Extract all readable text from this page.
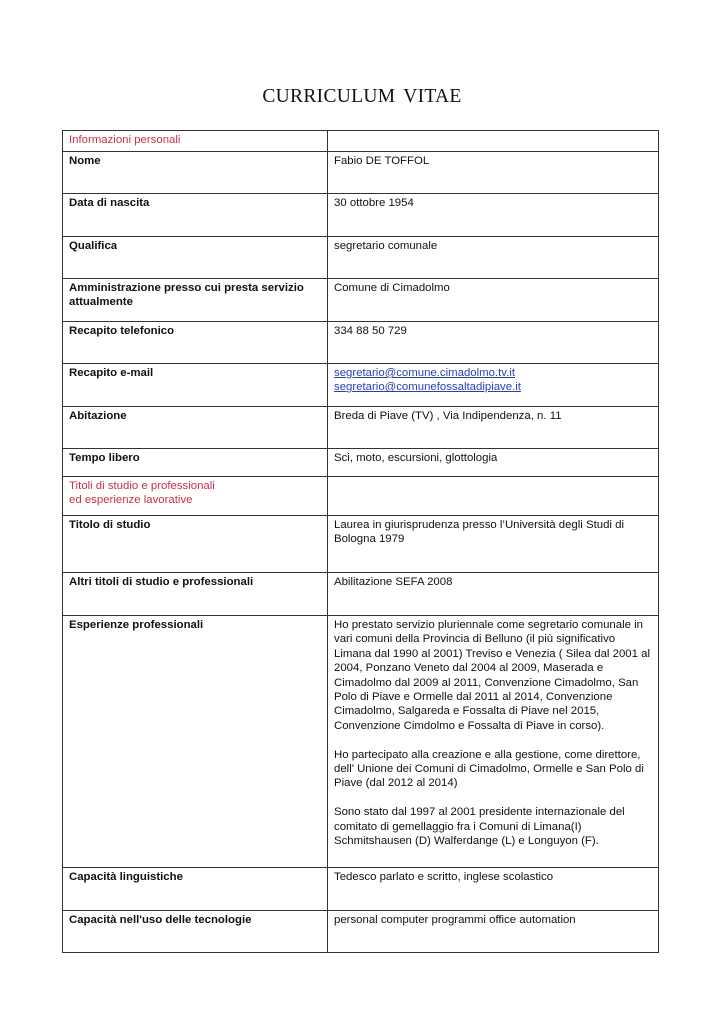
CURRICULUM VITAE
Informazioni personali	
Nome	Fabio DE TOFFOL
Data di nascita	30 ottobre 1954
Qualifica	segretario comunale
Amministrazione presso cui presta servizio attualmente	Comune di Cimadolmo
Recapito telefonico	334 88 50 729
Recapito e-mail	segretario@comune.cimadolmo.tv.it
segretario@comunefossaltadipiave.it

Abitazione	Breda di Piave (TV) , Via Indipendenza, n. 11
Tempo libero	Sci, moto, escursioni, glottologia

Titoli di studio e professionali
ed esperienze lavorative	

Titolo di studio	Laurea in giurisprudenza presso l’Università degli Studi di Bologna 1979
Altri titoli di studio e professionali	Abilitazione SEFA 2008
Esperienze professionali	Ho prestato servizio pluriennale come segretario comunale in vari comuni della Provincia di Belluno (il più significativo Limana dal 1990 al 2001) Treviso e Venezia ( Silea dal 2001 al 2004, Ponzano Veneto dal 2004 al 2009, Maserada e Cimadolmo dal 2009 al 2011, Convenzione Cimadolmo, San Polo di Piave e Ormelle dal 2011 al 2014, Convenzione Cimadolmo, Salgareda e Fossalta di Piave nel 2015, Convenzione Cimdolmo e Fossalta di Piave in corso).
Ho partecipato alla creazione e alla gestione, come direttore, dell' Unione dei Comuni di Cimadolmo, Ormelle e San Polo di Piave (dal 2012 al 2014)
Sono stato dal 1997 al 2001 presidente internazionale del comitato di gemellaggio fra i Comuni di Limana(I) Schmitshausen (D) Walferdange (L) e Longuyon (F).

Capacità linguistiche	Tedesco parlato e scritto, inglese scolastico
Capacità nell'uso delle tecnologie	personal computer programmi office automation
